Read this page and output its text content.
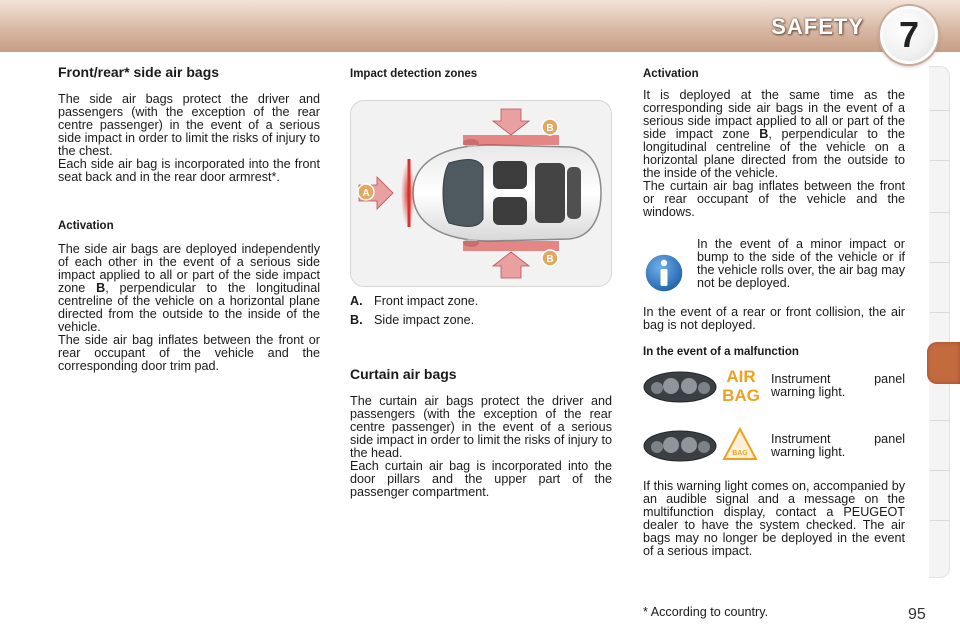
SAFETY 7
Front/rear* side air bags

The side air bags protect the driver and passengers (with the exception of the rear centre passenger) in the event of a serious side impact in order to limit the risks of injury to the chest.
Each side air bag is incorporated into the front seat back and in the rear door armrest*.

Activation

The side air bags are deployed independently of each other in the event of a serious side impact applied to all or part of the side impact zone B, perpendicular to the longitudinal centreline of the vehicle on a horizontal plane directed from the outside to the inside of the vehicle.
The side air bag inflates between the front or rear occupant of the vehicle and the corresponding door trim pad.

Impact detection zones
B
B
A
A. Front impact zone.
B. Side impact zone.
Curtain air bags

The curtain air bags protect the driver and passengers (with the exception of the rear centre passenger) in the event of a serious side impact in order to limit the risks of injury to the head.
Each curtain air bag is incorporated into the door pillars and the upper part of the passenger compartment.

Activation

It is deployed at the same time as the corresponding side air bags in the event of a serious side impact applied to all or part of the side impact zone B, perpendicular to the longitudinal centreline of the vehicle on a horizontal plane directed from the outside to the inside of the vehicle.
The curtain air bag inflates between the front or rear occupant of the vehicle and the windows.

In the event of a minor impact or bump to the side of the vehicle or if the vehicle rolls over, the air bag may not be deployed.

In the event of a rear or front collision, the air bag is not deployed.

In the event of a malfunction
AIR
BAG

Instrument panel warning light.

BAG

Instrument panel warning light.

If this warning light comes on, accompanied by an audible signal and a message on the multifunction display, contact a PEUGEOT dealer to have the system checked. The air bags may no longer be deployed in the event of a serious impact.

* According to country.	95
